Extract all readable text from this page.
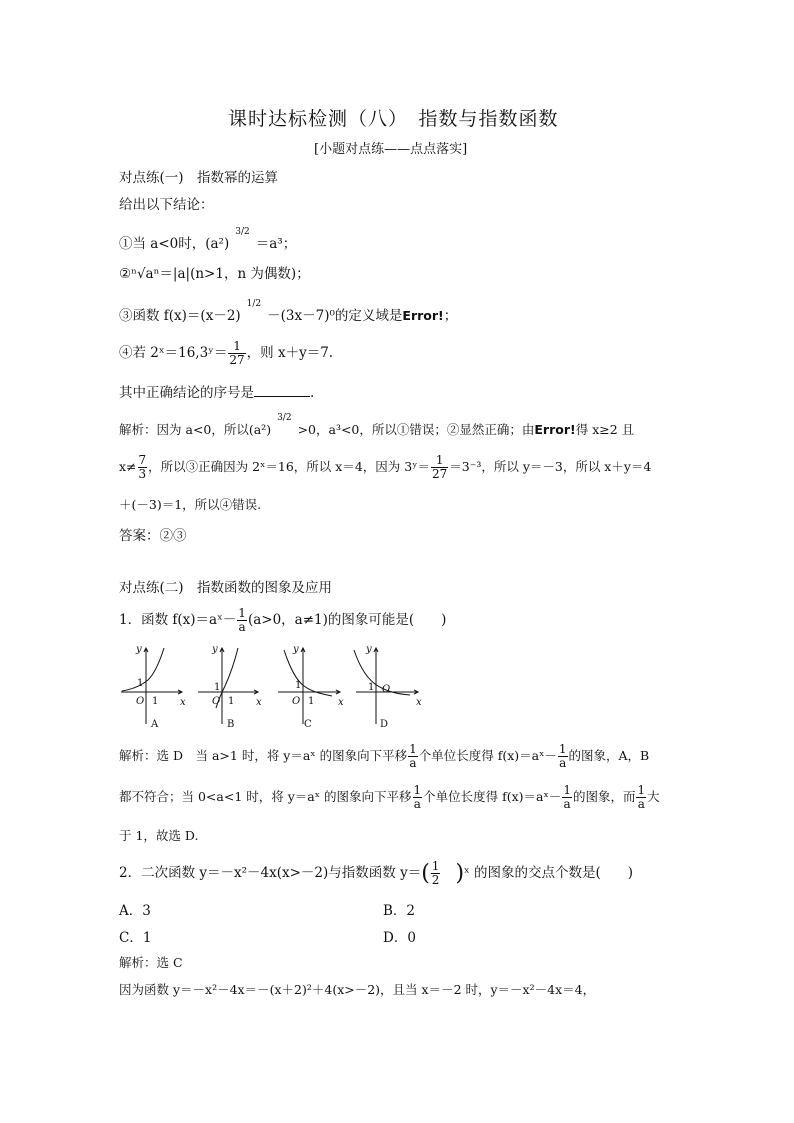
课时达标检测（八）　指数与指数函数
[小题对点练——点点落实]
对点练(一)　指数幂的运算
给出以下结论：
①当 a<0时，$(a^2)^{3/2}=a^3$；
②ⁿ√aⁿ＝|a|(n>1，n 为偶数)；
③函数 $f(x)=(x-2)^{1/2}-(3x-7)^0$的定义域是Error!；
④若 2ˣ＝16,3ʸ＝ $\frac{1}{27}$ ，则 x＋y＝7.
其中正确结论的序号是	.
解析：因为 a<0，所以$(a^2)^{3/2}>0$，a³<0，所以①错误；②显然正确；由Error!得 x≥2 且
$x\ne \frac{7}{3}$ ，所以③正确因为 2ˣ＝16，所以 x＝4，因为 3ʸ＝ $\frac{1}{27} =3^{-3}$，所以 y＝－3，所以 x＋y＝4
＋(－3)＝1，所以④错误.
答案：②③
对点练(二)　指数函数的图象及应用
1．函数 f(x)＝aˣ－ $\frac{1}{a} (a>0$，a≠1)的图象可能是(　　)
y
x
O
y
x
O
y
x
O
y
x
O
1
1
1
1
1
1
1
A	B	C	D
解析：选 D　当 a>1 时，将 y＝aˣ 的图象向下平移 $\frac{1}{a}$ 个单位长度得 f(x)＝aˣ－ $\frac{1}{a}$ 的图象，A，B
都不符合；当 0<a<1 时，将 y＝aˣ 的图象向下平移 $\frac{1}{a}$ 个单位长度得 f(x)＝aˣ－ $\frac{1}{a}$ 的图象，而 $\frac{1}{a}$ 大
于 1，故选 D.
2．二次函数 y＝－x²－4x(x>－2)与指数函数 $y=( \frac{1}{2}$ )ˣ 的图象的交点个数是(　　)
A．3	B．2
C．1	D．0
解析：选 C
因为函数 y＝－x²－4x＝－(x＋2)²＋4(x>－2)，且当 x＝－2 时，y＝－x²－4x＝4，
